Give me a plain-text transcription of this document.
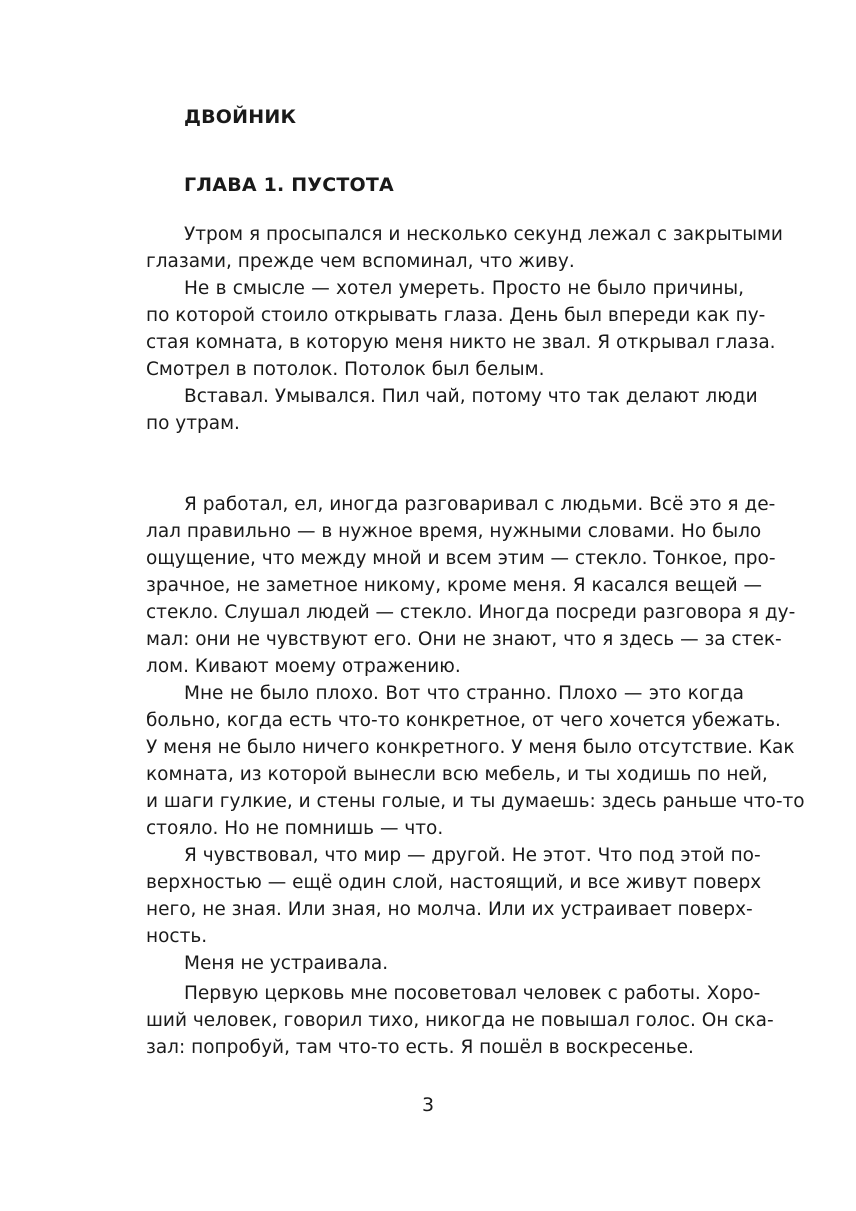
ДВОЙНИК
ГЛАВА 1. ПУСТОТА

Утром я просыпался и несколько секунд лежал с закрытыми
глазами, прежде чем вспоминал, что живу.

Не в смысле — хотел умереть. Просто не было причины,
по которой стоило открывать глаза. День был впереди как пу-
стая комната, в которую меня никто не звал. Я открывал глаза.
Смотрел в потолок. Потолок был белым.

Вставал. Умывался. Пил чай, потому что так делают люди
по утрам.

Я работал, ел, иногда разговаривал с людьми. Всё это я де-
лал правильно — в нужное время, нужными словами. Но было
ощущение, что между мной и всем этим — стекло. Тонкое, про-
зрачное, не заметное никому, кроме меня. Я касался вещей —
стекло. Слушал людей — стекло. Иногда посреди разговора я ду-
мал: они не чувствуют его. Они не знают, что я здесь — за стек-
лом. Кивают моему отражению.

Мне не было плохо. Вот что странно. Плохо — это когда
больно, когда есть что-то конкретное, от чего хочется убежать.
У меня не было ничего конкретного. У меня было отсутствие. Как
комната, из которой вынесли всю мебель, и ты ходишь по ней,
и шаги гулкие, и стены голые, и ты думаешь: здесь раньше что-то
стояло. Но не помнишь — что.

Я чувствовал, что мир — другой. Не этот. Что под этой по-
верхностью — ещё один слой, настоящий, и все живут поверх
него, не зная. Или зная, но молча. Или их устраивает поверх-
ность.

Меня не устраивала.

Первую церковь мне посоветовал человек с работы. Хоро-
ший человек, говорил тихо, никогда не повышал голос. Он ска-
зал: попробуй, там что-то есть. Я пошёл в воскресенье.

3
